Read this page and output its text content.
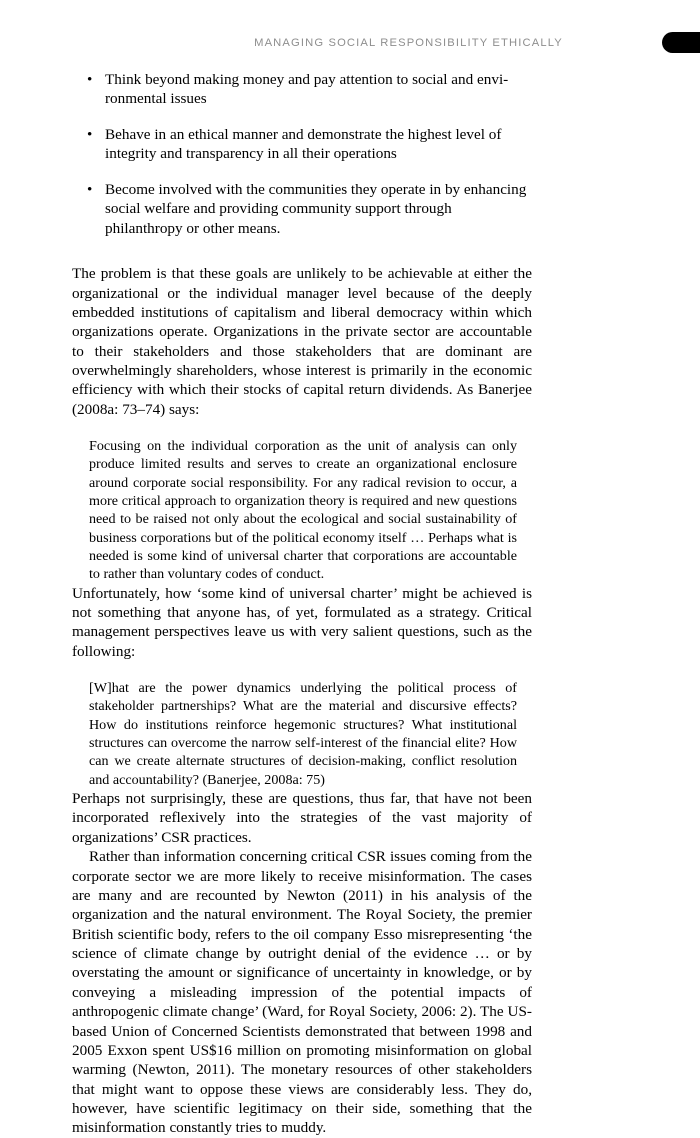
MANAGING SOCIAL RESPONSIBILITY ETHICALLY
• Think beyond making money and pay attention to social and envi-ronmental issues
• Behave in an ethical manner and demonstrate the highest level of integrity and transparency in all their operations
• Become involved with the communities they operate in by enhancing social welfare and providing community support through philanthropy or other means.

The problem is that these goals are unlikely to be achievable at either the organizational or the individual manager level because of the deeply embedded institutions of capitalism and liberal democracy within which organizations operate. Organizations in the private sector are accountable to their stakeholders and those stakeholders that are dominant are overwhelmingly shareholders, whose interest is primarily in the economic efficiency with which their stocks of capital return dividends. As Banerjee (2008a: 73–74) says:

Focusing on the individual corporation as the unit of analysis can only produce limited results and serves to create an organizational enclosure around corporate social responsibility. For any radical revision to occur, a more critical approach to organization theory is required and new questions need to be raised not only about the ecological and social sustainability of business corporations but of the political economy itself … Perhaps what is needed is some kind of universal charter that corporations are accountable to rather than voluntary codes of conduct.

Unfortunately, how ‘some kind of universal charter’ might be achieved is not something that anyone has, of yet, formulated as a strategy. Critical management perspectives leave us with very salient questions, such as the following:

[W]hat are the power dynamics underlying the political process of stakeholder partnerships? What are the material and discursive effects? How do institutions reinforce hegemonic structures? What institutional structures can overcome the narrow self-interest of the financial elite? How can we create alternate structures of decision-making, conflict resolution and accountability? (Banerjee, 2008a: 75)

Perhaps not surprisingly, these are questions, thus far, that have not been incorporated reflexively into the strategies of the vast majority of organizations’ CSR practices.

Rather than information concerning critical CSR issues coming from the corporate sector we are more likely to receive misinformation. The cases are many and are recounted by Newton (2011) in his analysis of the organization and the natural environment. The Royal Society, the premier British scientific body, refers to the oil company Esso misrepresenting ‘the science of climate change by outright denial of the evidence … or by overstating the amount or significance of uncertainty in knowledge, or by conveying a misleading impression of the potential impacts of anthropogenic climate change’ (Ward, for Royal Society, 2006: 2). The US-based Union of Concerned Scientists demonstrated that between 1998 and 2005 Exxon spent US$16 million on promoting misinformation on global warming (Newton, 2011). The monetary resources of other stakeholders that might want to oppose these views are considerably less. They do, however, have scientific legitimacy on their side, something that the misinformation constantly tries to muddy.
